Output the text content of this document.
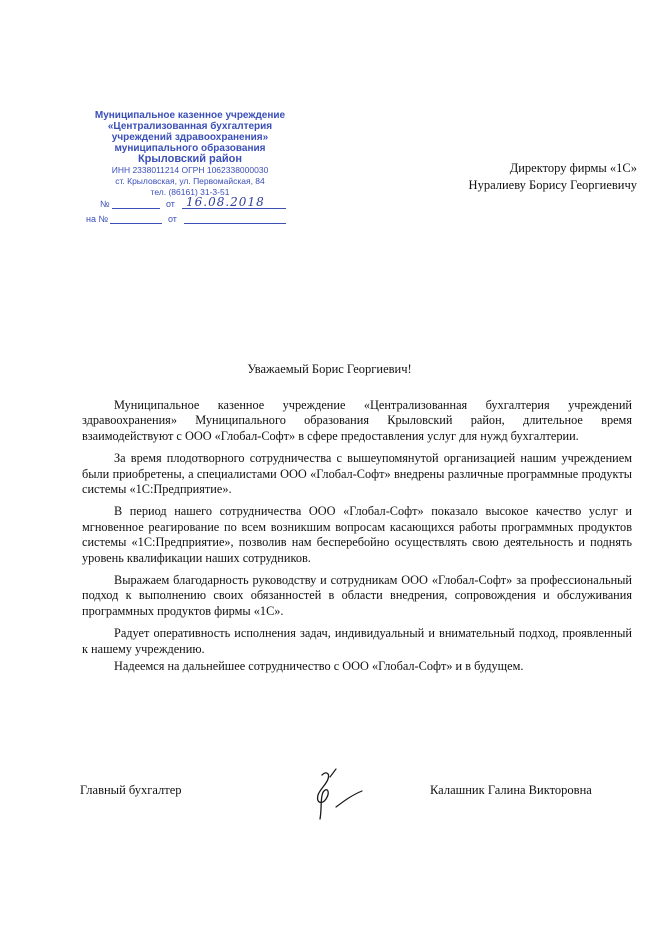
Муниципальное казенное учреждение
«Централизованная бухгалтерия
учреждений здравоохранения»
муниципального образования
Крыловский район
ИНН 2338011214 ОГРН 1062338000030
ст. Крыловская, ул. Первомайская, 84
тел. (86161) 31-3-51
№	от 16.08.2018
на №	от
Директору фирмы «1С»
Нуралиеву Борису Георгиевичу
Уважаемый Борис Георгиевич!

Муниципальное казенное учреждение «Централизованная бухгалтерия учреждений здравоохранения» Муниципального образования Крыловский район, длительное время взаимодействуют с ООО «Глобал-Софт» в сфере предоставления услуг для нужд бухгалтерии.

За время плодотворного сотрудничества с вышеупомянутой организацией нашим учреждением были приобретены, а специалистами ООО «Глобал-Софт» внедрены различные программные продукты системы «1С:Предприятие».

В период нашего сотрудничества ООО «Глобал-Софт» показало высокое качество услуг и мгновенное реагирование по всем возникшим вопросам касающихся работы программных продуктов системы «1С:Предприятие», позволив нам бесперебойно осуществлять свою деятельность и поднять уровень квалификации наших сотрудников.

Выражаем благодарность руководству и сотрудникам ООО «Глобал-Софт» за профессиональный подход к выполнению своих обязанностей в области внедрения, сопровождения и обслуживания программных продуктов фирмы «1С».

Радует оперативность исполнения задач, индивидуальный и внимательный подход, проявленный к нашему учреждению.

Надеемся на дальнейшее сотрудничество с ООО «Глобал-Софт» и в будущем.

Главный бухгалтер	Калашник Галина Викторовна
